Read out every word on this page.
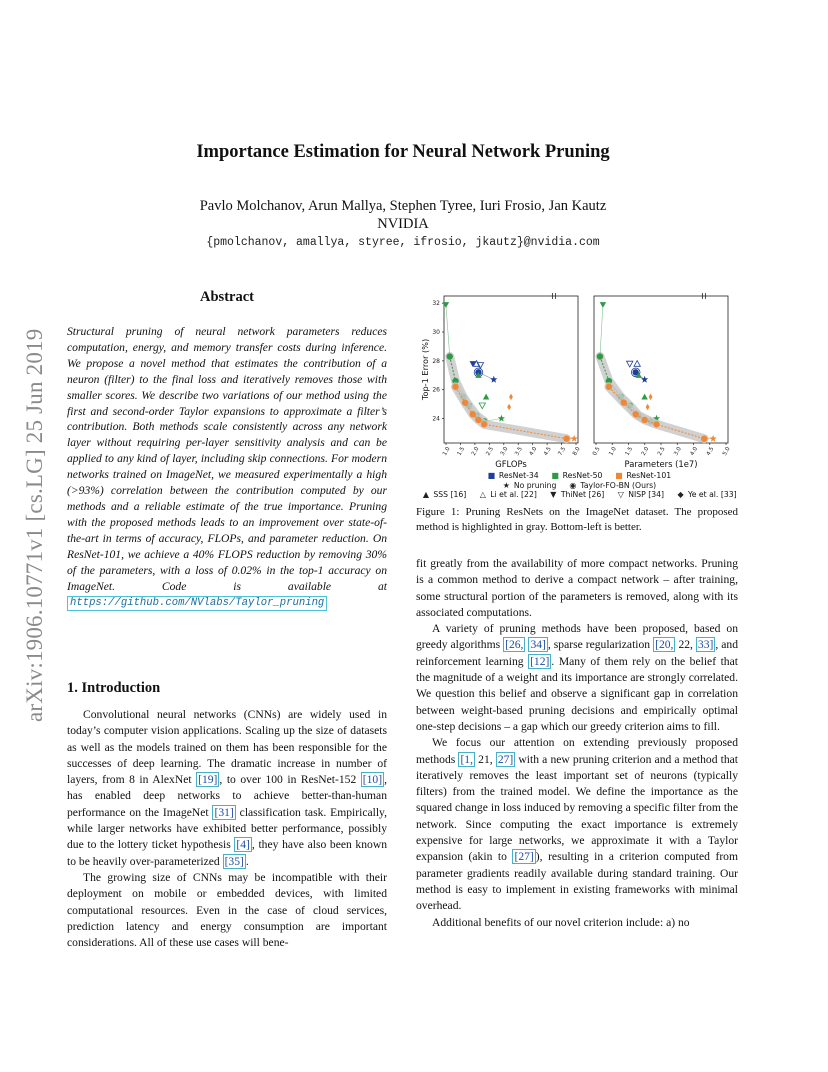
arXiv:1906.10771v1 [cs.LG] 25 Jun 2019
Importance Estimation for Neural Network Pruning
Pavlo Molchanov, Arun Mallya, Stephen Tyree, Iuri Frosio, Jan Kautz
NVIDIA
{pmolchanov, amallya, styree, ifrosio, jkautz}@nvidia.com
Abstract
Structural pruning of neural network parameters reduces computation, energy, and memory transfer costs during inference. We propose a novel method that estimates the contribution of a neuron (filter) to the final loss and iteratively removes those with smaller scores. We describe two variations of our method using the first and second-order Taylor expansions to approximate a filter’s contribution. Both methods scale consistently across any network layer without requiring per-layer sensitivity analysis and can be applied to any kind of layer, including skip connections. For modern networks trained on ImageNet, we measured experimentally a high (>93%) correlation between the contribution computed by our methods and a reliable estimate of the true importance. Pruning with the proposed methods leads to an improvement over state-of-the-art in terms of accuracy, FLOPs, and parameter reduction. On ResNet-101, we achieve a 40% FLOPS reduction by removing 30% of the parameters, with a loss of 0.02% in the top-1 accuracy on ImageNet. Code is available at https://github.com/NVlabs/Taylor_pruning
1. Introduction

Convolutional neural networks (CNNs) are widely used in today’s computer vision applications. Scaling up the size of datasets as well as the models trained on them has been responsible for the successes of deep learning. The dramatic increase in number of layers, from 8 in AlexNet [19] , to over 100 in ResNet-152 [10] , has enabled deep networks to achieve better-than-human performance on the ImageNet [31] classification task. Empirically, while larger networks have exhibited better performance, possibly due to the lottery ticket hypothesis [4] , they have also been known to be heavily over-parameterized [35] .

The growing size of CNNs may be incompatible with their deployment on mobile or embedded devices, with limited computational resources. Even in the case of cloud services, prediction latency and energy consumption are important considerations. All of these use cases will bene-

fit greatly from the availability of more compact networks. Pruning is a common method to derive a compact network – after training, some structural portion of the parameters is removed, along with its associated computations.

A variety of pruning methods have been proposed, based on greedy algorithms [26, 34] , sparse regularization [20, 22, 33] , and reinforcement learning [12] . Many of them rely on the belief that the magnitude of a weight and its importance are strongly correlated. We question this belief and observe a significant gap in correlation between weight-based pruning decisions and empirically optimal one-step decisions – a gap which our greedy criterion aims to fill.

We focus our attention on extending previously proposed methods [1, 21, 27] with a new pruning criterion and a method that iteratively removes the least important set of neurons (typically filters) from the trained model. We define the importance as the squared change in loss induced by removing a specific filter from the network. Since computing the exact importance is extremely expensive for large networks, we approximate it with a Taylor expansion (akin to [27] ), resulting in a criterion computed from parameter gradients readily available during standard training. Our method is easy to implement in existing frameworks with minimal overhead.

Additional benefits of our novel criterion include: a) no

24
26
28
30
32
1.0 1.5 2.0 2.5 3.0 3.5 4.0 4.5 7.5 8.0
GFLOPs
Top-1 Error (%)
0.5 1.0 1.5 2.0 2.5 3.0 4.0 4.5 5.0
Parameters (1e7)
■ ResNet-34 ■ ResNet-50 ■ ResNet-101
★ No pruning ◉ Taylor-FO-BN (Ours)
▲ SSS [16] △ Li et al. [22] ▼ ThiNet [26] ▽ NISP [34] ◆ Ye et al. [33]
Figure 1: Pruning ResNets on the ImageNet dataset. The proposed method is highlighted in gray. Bottom-left is better.
